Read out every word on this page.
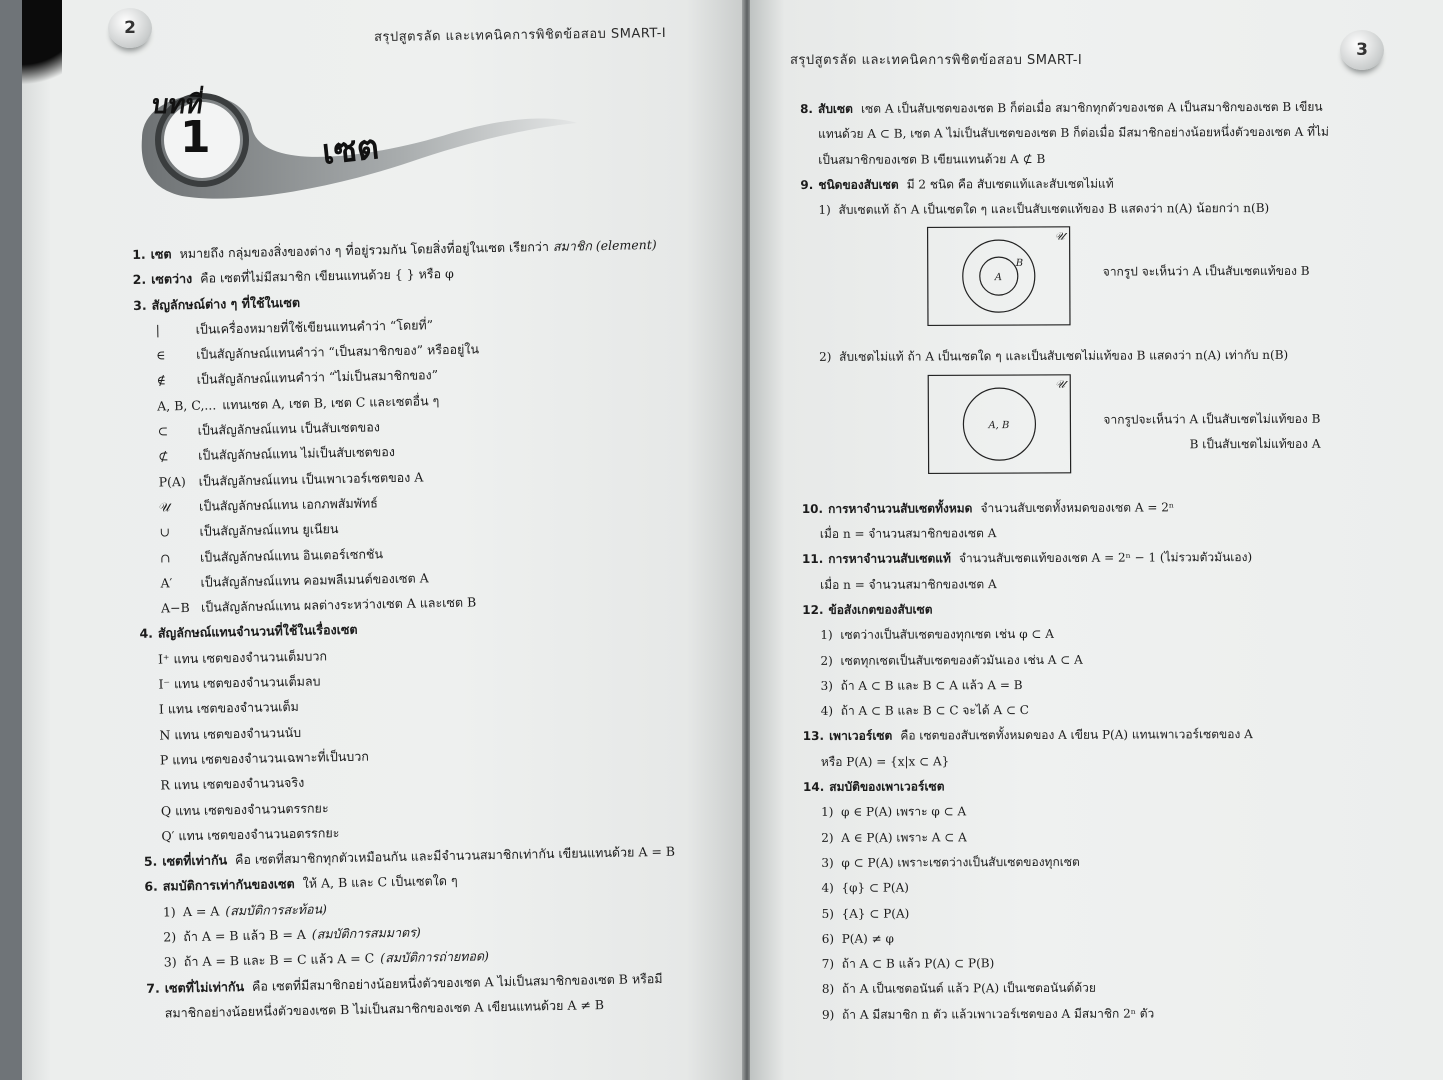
2	สรุปสูตรลัด และเทคนิคการพิชิตข้อสอบ SMART-I
บทที่
1	เซต
1. เซต หมายถึง กลุ่มของสิ่งของต่าง ๆ ที่อยู่รวมกัน โดยสิ่งที่อยู่ในเซต เรียกว่า สมาชิก (element)
2. เซตว่าง คือ เซตที่ไม่มีสมาชิก เขียนแทนด้วย { } หรือ φ
3. สัญลักษณ์ต่าง ๆ ที่ใช้ในเซต
|	เป็นเครื่องหมายที่ใช้เขียนแทนคำว่า “โดยที่”
∈	เป็นสัญลักษณ์แทนคำว่า “เป็นสมาชิกของ” หรืออยู่ใน
∉	เป็นสัญลักษณ์แทนคำว่า “ไม่เป็นสมาชิกของ”
A, B, C,... แทนเซต A, เซต B, เซต C และเซตอื่น ๆ
⊂	เป็นสัญลักษณ์แทน เป็นสับเซตของ
⊄	เป็นสัญลักษณ์แทน ไม่เป็นสับเซตของ
P(A)	เป็นสัญลักษณ์แทน เป็นเพาเวอร์เซตของ A
𝒰	เป็นสัญลักษณ์แทน เอกภพสัมพัทธ์
∪	เป็นสัญลักษณ์แทน ยูเนียน
∩	เป็นสัญลักษณ์แทน อินเตอร์เซกชัน
A′	เป็นสัญลักษณ์แทน คอมพลีเมนต์ของเซต A
A−B เป็นสัญลักษณ์แทน ผลต่างระหว่างเซต A และเซต B
4. สัญลักษณ์แทนจำนวนที่ใช้ในเรื่องเซต
I⁺ แทน เซตของจำนวนเต็มบวก
I⁻ แทน เซตของจำนวนเต็มลบ
I แทน เซตของจำนวนเต็ม
N แทน เซตของจำนวนนับ
P แทน เซตของจำนวนเฉพาะที่เป็นบวก
R แทน เซตของจำนวนจริง
Q แทน เซตของจำนวนตรรกยะ
Q′ แทน เซตของจำนวนอตรรกยะ
5. เซตที่เท่ากัน คือ เซตที่สมาชิกทุกตัวเหมือนกัน และมีจำนวนสมาชิกเท่ากัน เขียนแทนด้วย A = B
6. สมบัติการเท่ากันของเซต ให้ A, B และ C เป็นเซตใด ๆ
1) A = A (สมบัติการสะท้อน)
2) ถ้า A = B แล้ว B = A (สมบัติการสมมาตร)
3) ถ้า A = B และ B = C แล้ว A = C (สมบัติการถ่ายทอด)
7. เซตที่ไม่เท่ากัน คือ เซตที่มีสมาชิกอย่างน้อยหนึ่งตัวของเซต A ไม่เป็นสมาชิกของเซต B หรือมี
สมาชิกอย่างน้อยหนึ่งตัวของเซต B ไม่เป็นสมาชิกของเซต A เขียนแทนด้วย A ≠ B
สรุปสูตรลัด และเทคนิคการพิชิตข้อสอบ SMART-I
3
8. สับเซต เซต A เป็นสับเซตของเซต B ก็ต่อเมื่อ สมาชิกทุกตัวของเซต A เป็นสมาชิกของเซต B เขียน
แทนด้วย A ⊂ B, เซต A ไม่เป็นสับเซตของเซต B ก็ต่อเมื่อ มีสมาชิกอย่างน้อยหนึ่งตัวของเซต A ที่ไม่
เป็นสมาชิกของเซต B เขียนแทนด้วย A ⊄ B
9. ชนิดของสับเซต มี 2 ชนิด คือ สับเซตแท้และสับเซตไม่แท้
1) สับเซตแท้ ถ้า A เป็นเซตใด ๆ และเป็นสับเซตแท้ของ B แสดงว่า n(A) น้อยกว่า n(B)
𝒰
A
B
จากรูป จะเห็นว่า A เป็นสับเซตแท้ของ B
2) สับเซตไม่แท้ ถ้า A เป็นเซตใด ๆ และเป็นสับเซตไม่แท้ของ B แสดงว่า n(A) เท่ากับ n(B)
𝒰
A, B	จากรูปจะเห็นว่า A เป็นสับเซตไม่แท้ของ B
B เป็นสับเซตไม่แท้ของ A
10. การหาจำนวนสับเซตทั้งหมด จำนวนสับเซตทั้งหมดของเซต A = 2ⁿ
เมื่อ n = จำนวนสมาชิกของเซต A
11. การหาจำนวนสับเซตแท้ จำนวนสับเซตแท้ของเซต A = 2ⁿ − 1 (ไม่รวมตัวมันเอง)
เมื่อ n = จำนวนสมาชิกของเซต A
12. ข้อสังเกตของสับเซต
1) เซตว่างเป็นสับเซตของทุกเซต เช่น φ ⊂ A
2) เซตทุกเซตเป็นสับเซตของตัวมันเอง เช่น A ⊂ A
3) ถ้า A ⊂ B และ B ⊂ A แล้ว A = B
4) ถ้า A ⊂ B และ B ⊂ C จะได้ A ⊂ C
13. เพาเวอร์เซต คือ เซตของสับเซตทั้งหมดของ A เขียน P(A) แทนเพาเวอร์เซตของ A
หรือ P(A) = {x|x ⊂ A}
14. สมบัติของเพาเวอร์เซต
1) φ ∈ P(A) เพราะ φ ⊂ A
2) A ∈ P(A) เพราะ A ⊂ A
3) φ ⊂ P(A) เพราะเซตว่างเป็นสับเซตของทุกเซต
4) {φ} ⊂ P(A)
5) {A} ⊂ P(A)
6) P(A) ≠ φ
7) ถ้า A ⊂ B แล้ว P(A) ⊂ P(B)
8) ถ้า A เป็นเซตอนันต์ แล้ว P(A) เป็นเซตอนันต์ด้วย
9) ถ้า A มีสมาชิก n ตัว แล้วเพาเวอร์เซตของ A มีสมาชิก 2ⁿ ตัว
